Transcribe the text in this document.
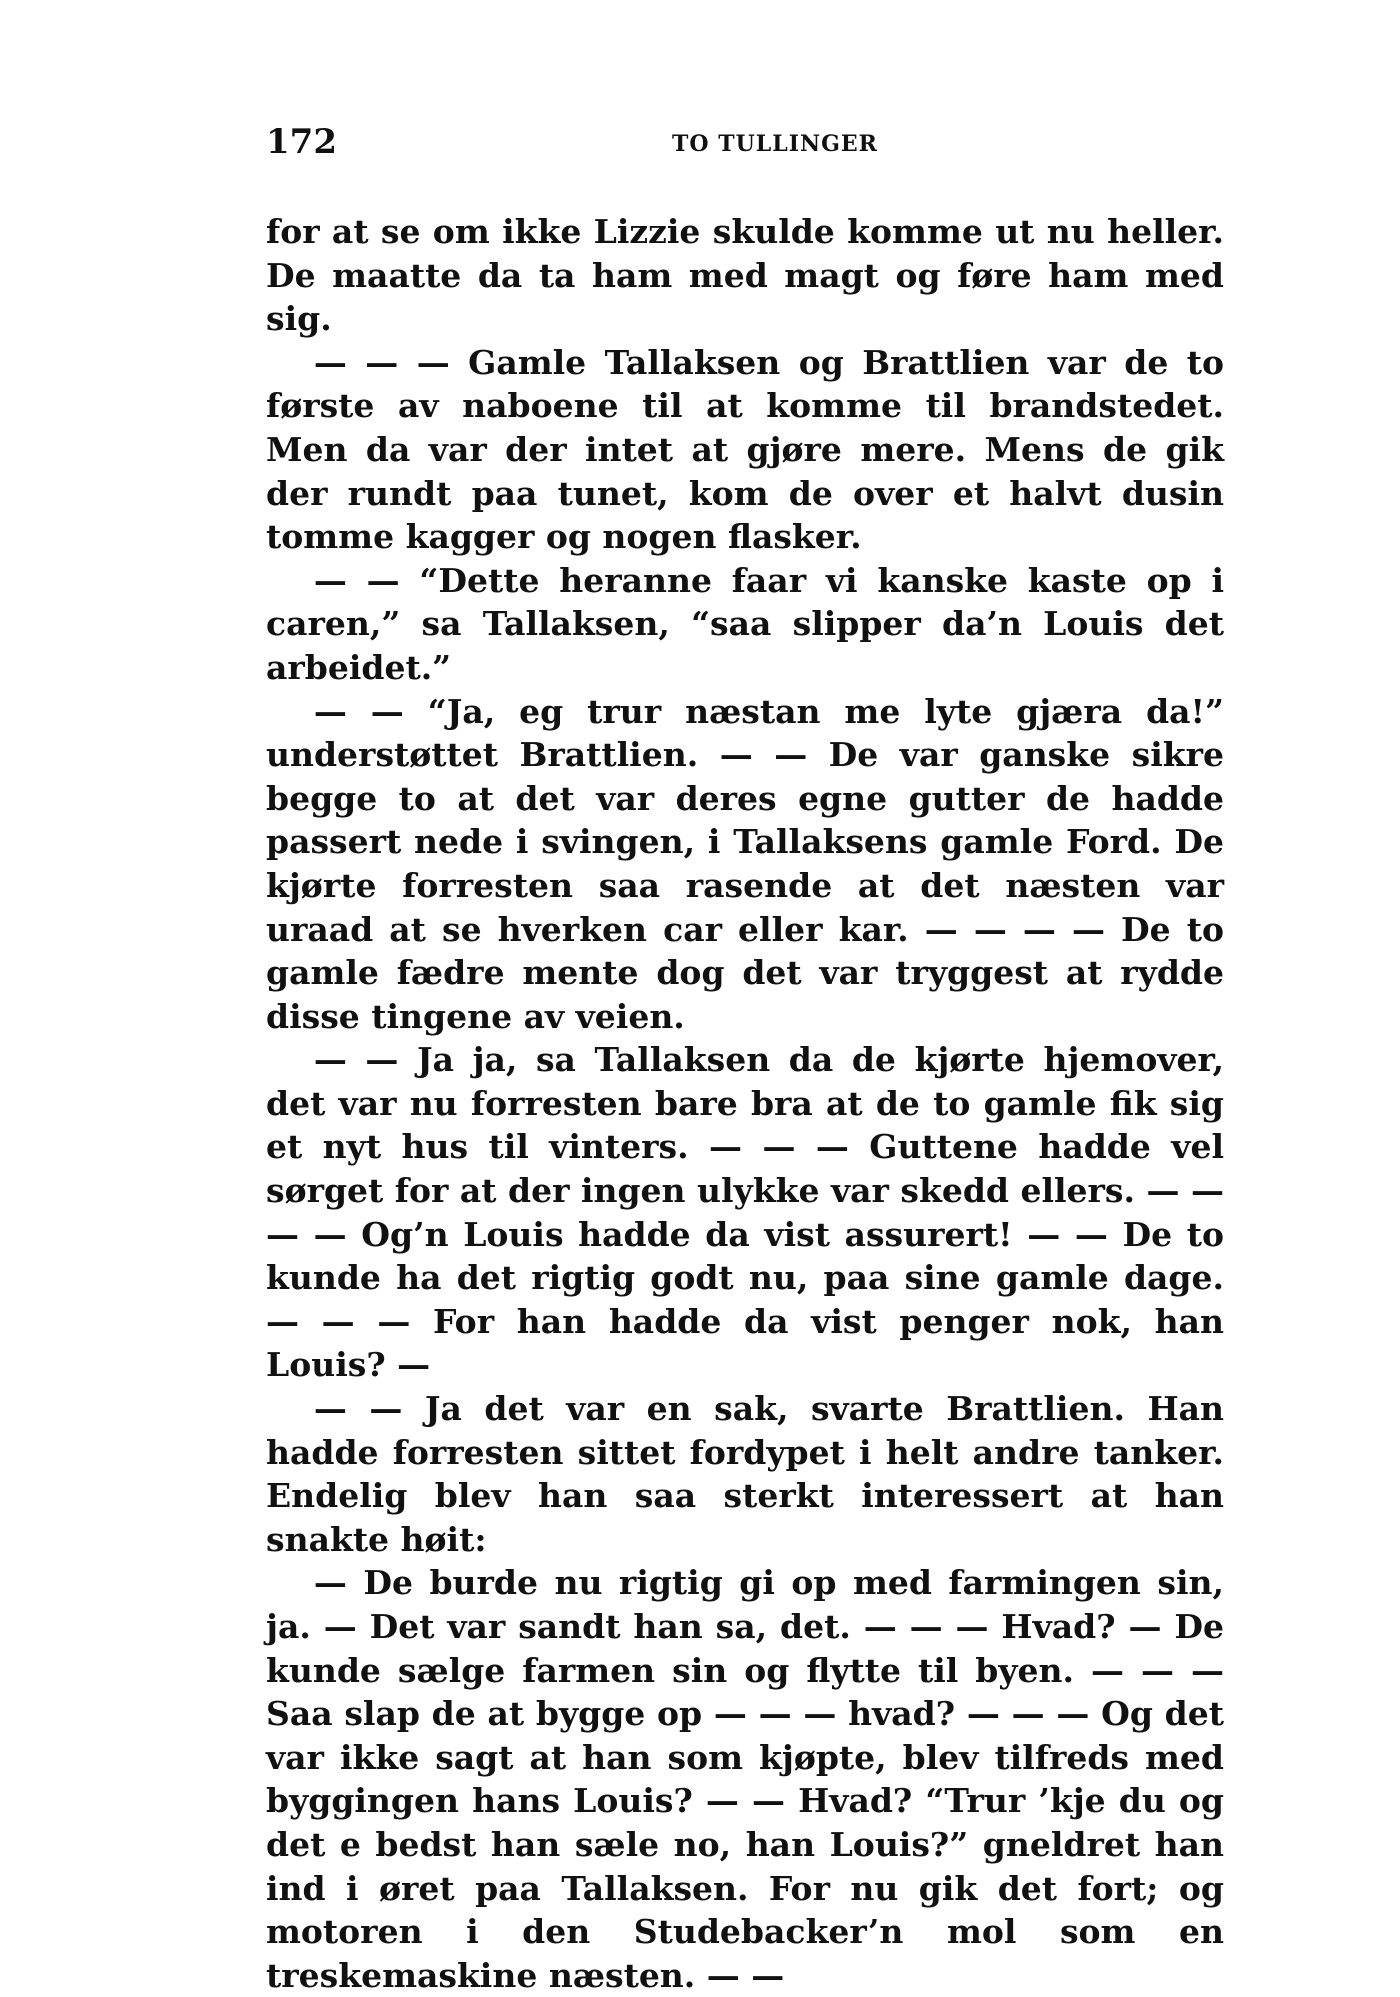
172	TO TULLINGER

for at se om ikke Lizzie skulde komme ut nu heller. De maatte da ta ham med magt og føre ham med sig.

— — — Gamle Tallaksen og Brattlien var de to første av naboene til at komme til brandstedet. Men da var der intet at gjøre mere. Mens de gik der rundt paa tunet, kom de over et halvt dusin tomme kagger og nogen flasker.

— — “Dette heranne faar vi kanske kaste op i caren,” sa Tallaksen, “saa slipper da’n Louis det arbeidet.”

— — “Ja, eg trur næstan me lyte gjæra da!” understøttet Brattlien. — — De var ganske sikre begge to at det var deres egne gutter de hadde passert nede i svingen, i Tallaksens gamle Ford. De kjørte forresten saa rasende at det næsten var uraad at se hverken car eller kar. — — — — De to gamle fædre mente dog det var tryggest at rydde disse tingene av veien.

— — Ja ja, sa Tallaksen da de kjørte hjemover, det var nu forresten bare bra at de to gamle fik sig et nyt hus til vinters. — — — Guttene hadde vel sørget for at der ingen ulykke var skedd ellers. — — — — Og’n Louis hadde da vist assurert! — — De to kunde ha det rigtig godt nu, paa sine gamle dage. — — — For han hadde da vist penger nok, han Louis? —

— — Ja det var en sak, svarte Brattlien. Han hadde forresten sittet fordypet i helt andre tanker. Endelig blev han saa sterkt interessert at han snakte høit:

— De burde nu rigtig gi op med farmingen sin, ja. — Det var sandt han sa, det. — — — Hvad? — De kunde sælge farmen sin og flytte til byen. — — — Saa slap de at bygge op — — — hvad? — — — Og det var ikke sagt at han som kjøpte, blev tilfreds med byggingen hans Louis? — — Hvad? “Trur ’kje du og det e bedst han sæle no, han Louis?” gneldret han ind i øret paa Tallaksen. For nu gik det fort; og motoren i den Studebacker’n mol som en treskemaskine næsten. — —
